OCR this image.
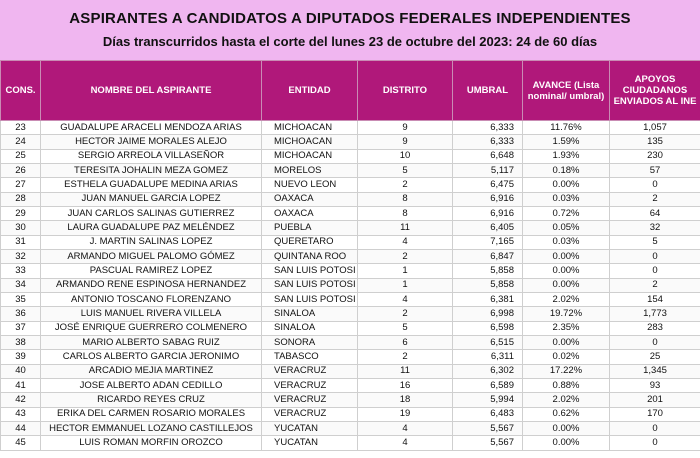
ASPIRANTES A CANDIDATOS A DIPUTADOS FEDERALES INDEPENDIENTES
Días transcurridos hasta el corte del lunes 23 de octubre del 2023: 24 de 60 días
CONS.	NOMBRE DEL ASPIRANTE	ENTIDAD	DISTRITO	UMBRAL	AVANCE (Lista nominal/ umbral)	APOYOS CIUDADANOS ENVIADOS AL INE
23	GUADALUPE ARACELI MENDOZA ARIAS	MICHOACAN	9	6,333	11.76%	1,057
24	HECTOR JAIME MORALES ALEJO	MICHOACAN	9	6,333	1.59%	135
25	SERGIO ARREOLA VILLASEÑOR	MICHOACAN	10	6,648	1.93%	230
26	TERESITA JOHALIN MEZA GOMEZ	MORELOS	5	5,117	0.18%	57
27	ESTHELA GUADALUPE MEDINA ARIAS	NUEVO LEON	2	6,475	0.00%	0
28	JUAN MANUEL GARCIA LOPEZ	OAXACA	8	6,916	0.03%	2
29	JUAN CARLOS SALINAS GUTIERREZ	OAXACA	8	6,916	0.72%	64
30	LAURA GUADALUPE PAZ MELÉNDEZ	PUEBLA	11	6,405	0.05%	32
31	J. MARTIN SALINAS LOPEZ	QUERETARO	4	7,165	0.03%	5
32	ARMANDO MIGUEL PALOMO GÓMEZ	QUINTANA ROO	2	6,847	0.00%	0
33	PASCUAL RAMIREZ LOPEZ	SAN LUIS POTOSI	1	5,858	0.00%	0
34	ARMANDO RENE ESPINOSA HERNANDEZ	SAN LUIS POTOSI	1	5,858	0.00%	2
35	ANTONIO TOSCANO FLORENZANO	SAN LUIS POTOSI	4	6,381	2.02%	154
36	LUIS MANUEL RIVERA VILLELA	SINALOA	2	6,998	19.72%	1,773
37	JOSÉ ENRIQUE GUERRERO COLMENERO	SINALOA	5	6,598	2.35%	283
38	MARIO ALBERTO SABAG RUIZ	SONORA	6	6,515	0.00%	0
39	CARLOS ALBERTO GARCIA JERONIMO	TABASCO	2	6,311	0.02%	25
40	ARCADIO MEJIA MARTINEZ	VERACRUZ	11	6,302	17.22%	1,345
41	JOSE ALBERTO ADAN CEDILLO	VERACRUZ	16	6,589	0.88%	93
42	RICARDO REYES CRUZ	VERACRUZ	18	5,994	2.02%	201
43	ERIKA DEL CARMEN ROSARIO MORALES	VERACRUZ	19	6,483	0.62%	170
44	HECTOR EMMANUEL LOZANO CASTILLEJOS	YUCATAN	4	5,567	0.00%	0
45	LUIS ROMAN MORFIN OROZCO	YUCATAN	4	5,567	0.00%	0
